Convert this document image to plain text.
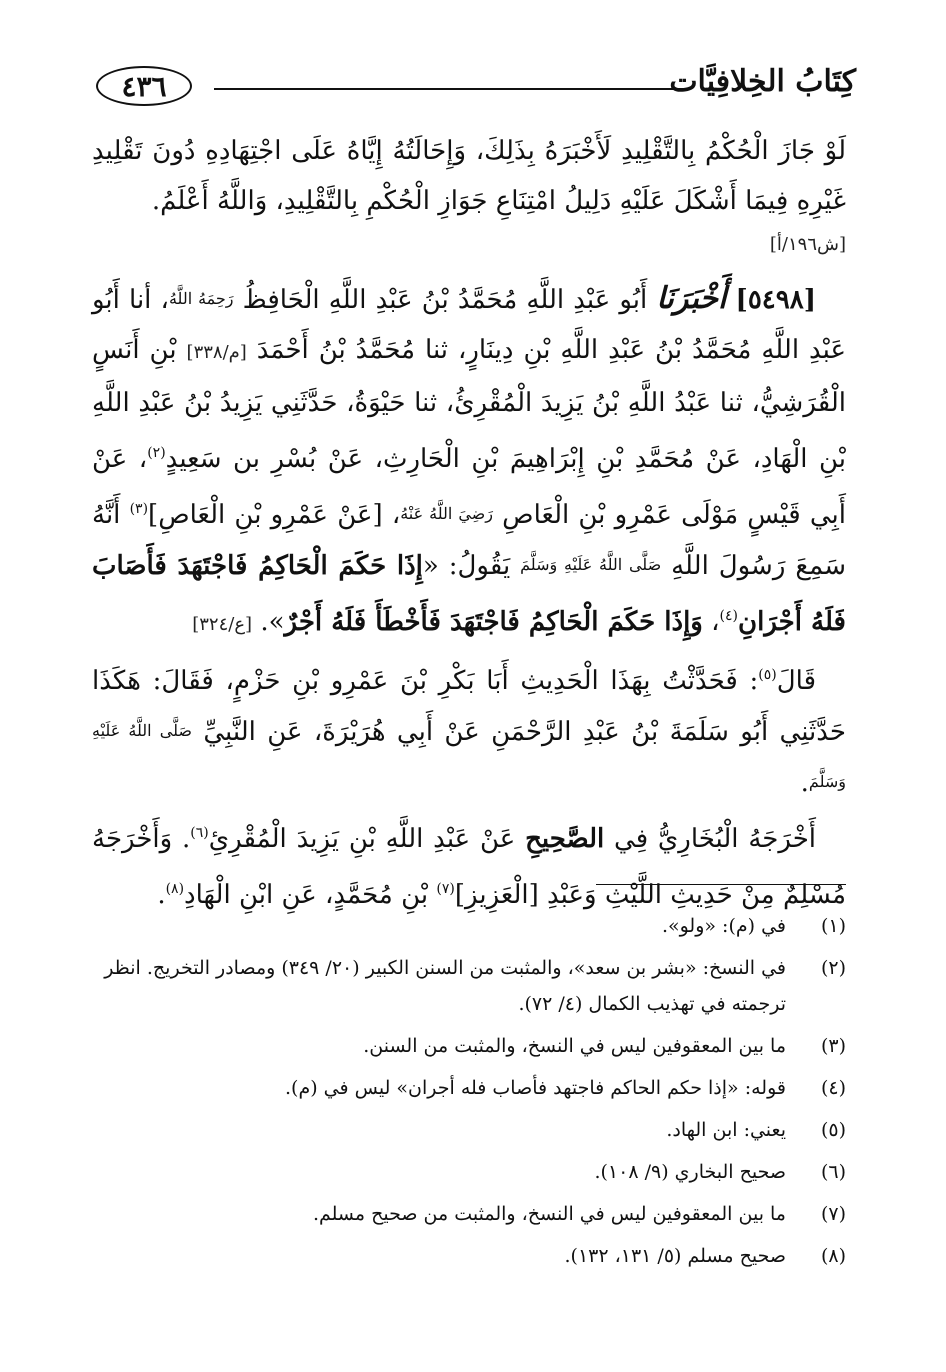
٤٣٦	كِتَابُ الخِلافِيَّات

لَوْ جَازَ الْحُكْمُ بِالتَّقْلِيدِ لَأَخْبَرَهُ بِذَلِكَ، وَإِحَالَتُهُ إِيَّاهُ عَلَى اجْتِهَادِهِ دُونَ تَقْلِيدِ غَيْرِهِ فِيمَا أَشْكَلَ عَلَيْهِ دَلِيلُ امْتِنَاعِ جَوَازِ الْحُكْمِ بِالتَّقْلِيدِ، وَاللَّهُ أَعْلَمُ.

[ش١٩٦/أ]

[٥٤٩٨] أَخْبَرَنَا أَبُو عَبْدِ اللَّهِ مُحَمَّدُ بْنُ عَبْدِ اللَّهِ الْحَافِظُ رَحِمَهُ اللَّهُ، أنا أَبُو عَبْدِ اللَّهِ مُحَمَّدُ بْنُ عَبْدِ اللَّهِ بْنِ دِينَارٍ، ثنا مُحَمَّدُ بْنُ أَحْمَدَ [م/٣٣٨] بْنِ أَنَسٍ الْقُرَشِيُّ، ثنا عَبْدُ اللَّهِ بْنُ يَزِيدَ الْمُقْرِئُ، ثنا حَيْوَةُ، حَدَّثَنِي يَزِيدُ بْنُ عَبْدِ اللَّهِ بْنِ الْهَادِ، عَنْ مُحَمَّدِ بْنِ إِبْرَاهِيمَ بْنِ الْحَارِثِ، عَنْ بُسْرِ بن سَعِيدٍ$^{(٢)}$، عَنْ أَبِي قَيْسٍ مَوْلَى عَمْرِو بْنِ الْعَاصِ رَضِيَ اللَّهُ عَنْهُ، [عَنْ عَمْرِو بْنِ الْعَاصِ]$^{(٣)}$ أَنَّهُ سَمِعَ رَسُولَ اللَّهِ صَلَّى اللَّهُ عَلَيْهِ وَسَلَّمَ يَقُولُ: «إِذَا حَكَمَ الْحَاكِمُ فَاجْتَهَدَ فَأَصَابَ فَلَهُ أَجْرَانِ$^{(٤)}$، وَإِذَا حَكَمَ الْحَاكِمُ فَاجْتَهَدَ فَأَخْطَأَ فَلَهُ أَجْرٌ». [ع/٣٢٤]

قَالَ$^{(٥)}$: فَحَدَّثْتُ بِهَذَا الْحَدِيثِ أَبَا بَكْرِ بْنَ عَمْرِو بْنِ حَزْمٍ، فَقَالَ: هَكَذَا حَدَّثَنِي أَبُو سَلَمَةَ بْنُ عَبْدِ الرَّحْمَنِ عَنْ أَبِي هُرَيْرَةَ، عَنِ النَّبِيِّ صَلَّى اللَّهُ عَلَيْهِ وَسَلَّمَ.

أَخْرَجَهُ الْبُخَارِيُّ فِي الصَّحِيحِ عَنْ عَبْدِ اللَّهِ بْنِ يَزِيدَ الْمُقْرِئِ$^{(٦)}$. وَأَخْرَجَهُ مُسْلِمٌ مِنْ حَدِيثِ اللَّيْثِ وَعَبْدِ [الْعَزِيزِ]$^{(٧)}$ بْنِ مُحَمَّدٍ، عَنِ ابْنِ الْهَادِ$^{(٨)}$.

(١)
في (م): «ولو».
(٢)
في النسخ: «بشر بن سعد»، والمثبت من السنن الكبير (٢٠/ ٣٤٩) ومصادر التخريج. انظر ترجمته في تهذيب الكمال (٤/ ٧٢).
(٣)
ما بين المعقوفين ليس في النسخ، والمثبت من السنن.
(٤)
قوله: «إذا حكم الحاكم فاجتهد فأصاب فله أجران» ليس في (م).
(٥)
يعني: ابن الهاد.
(٦)
صحيح البخاري (٩/ ١٠٨).
(٧)
ما بين المعقوفين ليس في النسخ، والمثبت من صحيح مسلم.
(٨)
صحيح مسلم (٥/ ١٣١، ١٣٢).
